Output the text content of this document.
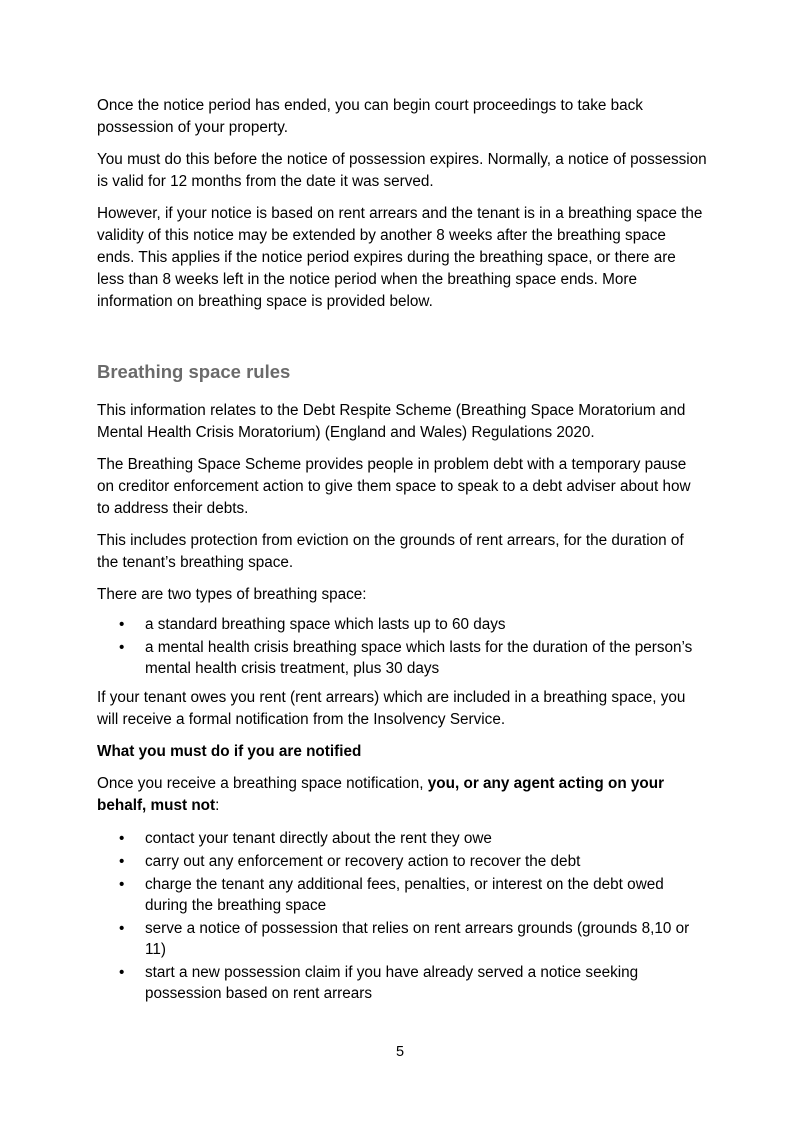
Once the notice period has ended, you can begin court proceedings to take back possession of your property.

You must do this before the notice of possession expires. Normally, a notice of possession is valid for 12 months from the date it was served.

However, if your notice is based on rent arrears and the tenant is in a breathing space the validity of this notice may be extended by another 8 weeks after the breathing space ends. This applies if the notice period expires during the breathing space, or there are less than 8 weeks left in the notice period when the breathing space ends. More information on breathing space is provided below.

Breathing space rules

This information relates to the Debt Respite Scheme (Breathing Space Moratorium and Mental Health Crisis Moratorium) (England and Wales) Regulations 2020.

The Breathing Space Scheme provides people in problem debt with a temporary pause on creditor enforcement action to give them space to speak to a debt adviser about how to address their debts.

This includes protection from eviction on the grounds of rent arrears, for the duration of the tenant’s breathing space.

There are two types of breathing space:

•	a standard breathing space which lasts up to 60 days
•	a mental health crisis breathing space which lasts for the duration of the person’s mental health crisis treatment, plus 30 days

If your tenant owes you rent (rent arrears) which are included in a breathing space, you will receive a formal notification from the Insolvency Service.

What you must do if you are notified

Once you receive a breathing space notification, you, or any agent acting on your behalf, must not:

•	contact your tenant directly about the rent they owe
•	carry out any enforcement or recovery action to recover the debt
•	charge the tenant any additional fees, penalties, or interest on the debt owed during the breathing space
•	serve a notice of possession that relies on rent arrears grounds (grounds 8,10 or 11)
•	start a new possession claim if you have already served a notice seeking possession based on rent arrears
5
